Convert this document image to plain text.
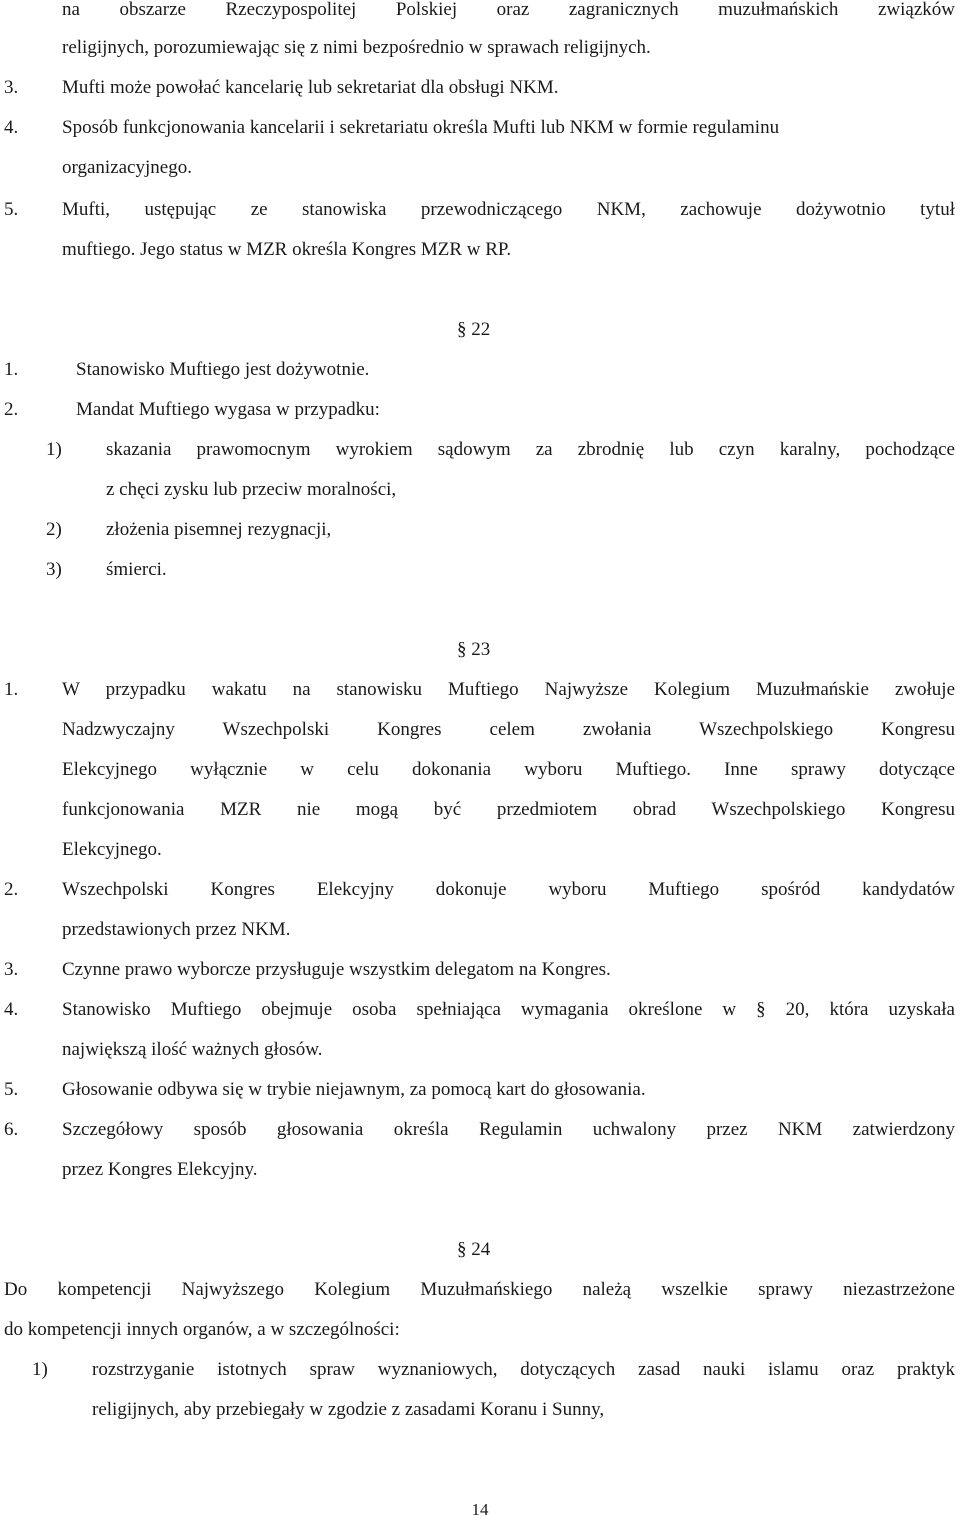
na obszarze Rzeczypospolitej Polskiej oraz zagranicznych muzułmańskich związków
religijnych, porozumiewając się z nimi bezpośrednio w sprawach religijnych.
3. Mufti może powołać kancelarię lub sekretariat dla obsługi NKM.
4. Sposób funkcjonowania kancelarii i sekretariatu określa Mufti lub NKM w formie regulaminu
organizacyjnego.
5. Mufti, ustępując ze stanowiska przewodniczącego NKM, zachowuje dożywotnio tytuł
muftiego. Jego status w MZR określa Kongres MZR w RP.
§ 22
1.	Stanowisko Muftiego jest dożywotnie.
2.	Mandat Muftiego wygasa w przypadku:
1) skazania prawomocnym wyrokiem sądowym za zbrodnię lub czyn karalny, pochodzące
z chęci zysku lub przeciw moralności,
2) złożenia pisemnej rezygnacji,
3) śmierci.
§ 23
1. W przypadku wakatu na stanowisku Muftiego Najwyższe Kolegium Muzułmańskie zwołuje
Nadzwyczajny Wszechpolski Kongres celem zwołania Wszechpolskiego Kongresu
Elekcyjnego wyłącznie w celu dokonania wyboru Muftiego. Inne sprawy dotyczące
funkcjonowania MZR nie mogą być przedmiotem obrad Wszechpolskiego Kongresu
Elekcyjnego.
2. Wszechpolski Kongres Elekcyjny dokonuje wyboru Muftiego spośród kandydatów
przedstawionych przez NKM.
3. Czynne prawo wyborcze przysługuje wszystkim delegatom na Kongres.
4. Stanowisko Muftiego obejmuje osoba spełniająca wymagania określone w § 20, która uzyskała
największą ilość ważnych głosów.
5. Głosowanie odbywa się w trybie niejawnym, za pomocą kart do głosowania.
6. Szczegółowy sposób głosowania określa Regulamin uchwalony przez NKM zatwierdzony
przez Kongres Elekcyjny.
§ 24
Do kompetencji Najwyższego Kolegium Muzułmańskiego należą wszelkie sprawy niezastrzeżone
do kompetencji innych organów, a w szczególności:
1) rozstrzyganie istotnych spraw wyznaniowych, dotyczących zasad nauki islamu oraz praktyk
religijnych, aby przebiegały w zgodzie z zasadami Koranu i Sunny,
14
